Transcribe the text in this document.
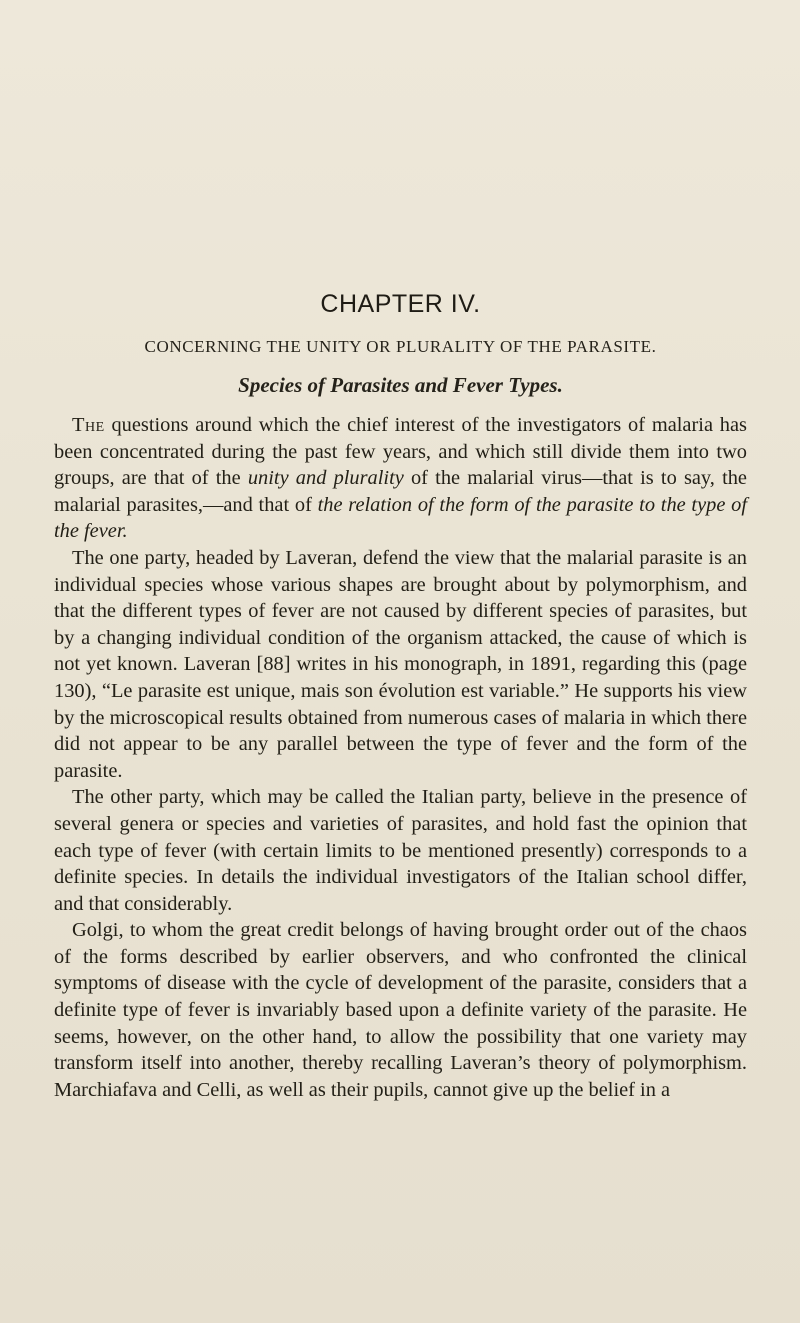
CHAPTER IV.
CONCERNING THE UNITY OR PLURALITY OF THE PARASITE.
Species of Parasites and Fever Types.

The questions around which the chief interest of the investigators of malaria has been concentrated during the past few years, and which still divide them into two groups, are that of the unity and plurality of the malarial virus—that is to say, the malarial parasites,—and that of the relation of the form of the parasite to the type of the fever.

The one party, headed by Laveran, defend the view that the malarial parasite is an individual species whose various shapes are brought about by polymorphism, and that the different types of fever are not caused by different species of parasites, but by a changing individual condition of the organism attacked, the cause of which is not yet known. Laveran [88] writes in his monograph, in 1891, regarding this (page 130), “Le parasite est unique, mais son évolution est variable.” He supports his view by the microscopical results obtained from numerous cases of malaria in which there did not appear to be any parallel between the type of fever and the form of the parasite.

The other party, which may be called the Italian party, believe in the presence of several genera or species and varieties of parasites, and hold fast the opinion that each type of fever (with certain limits to be mentioned presently) corresponds to a definite species. In details the individual investigators of the Italian school differ, and that considerably.

Golgi, to whom the great credit belongs of having brought order out of the chaos of the forms described by earlier observers, and who confronted the clinical symptoms of disease with the cycle of development of the parasite, considers that a definite type of fever is invariably based upon a definite variety of the parasite. He seems, however, on the other hand, to allow the possibility that one variety may transform itself into another, thereby recalling Laveran’s theory of polymorphism. Marchiafava and Celli, as well as their pupils, cannot give up the belief in a
